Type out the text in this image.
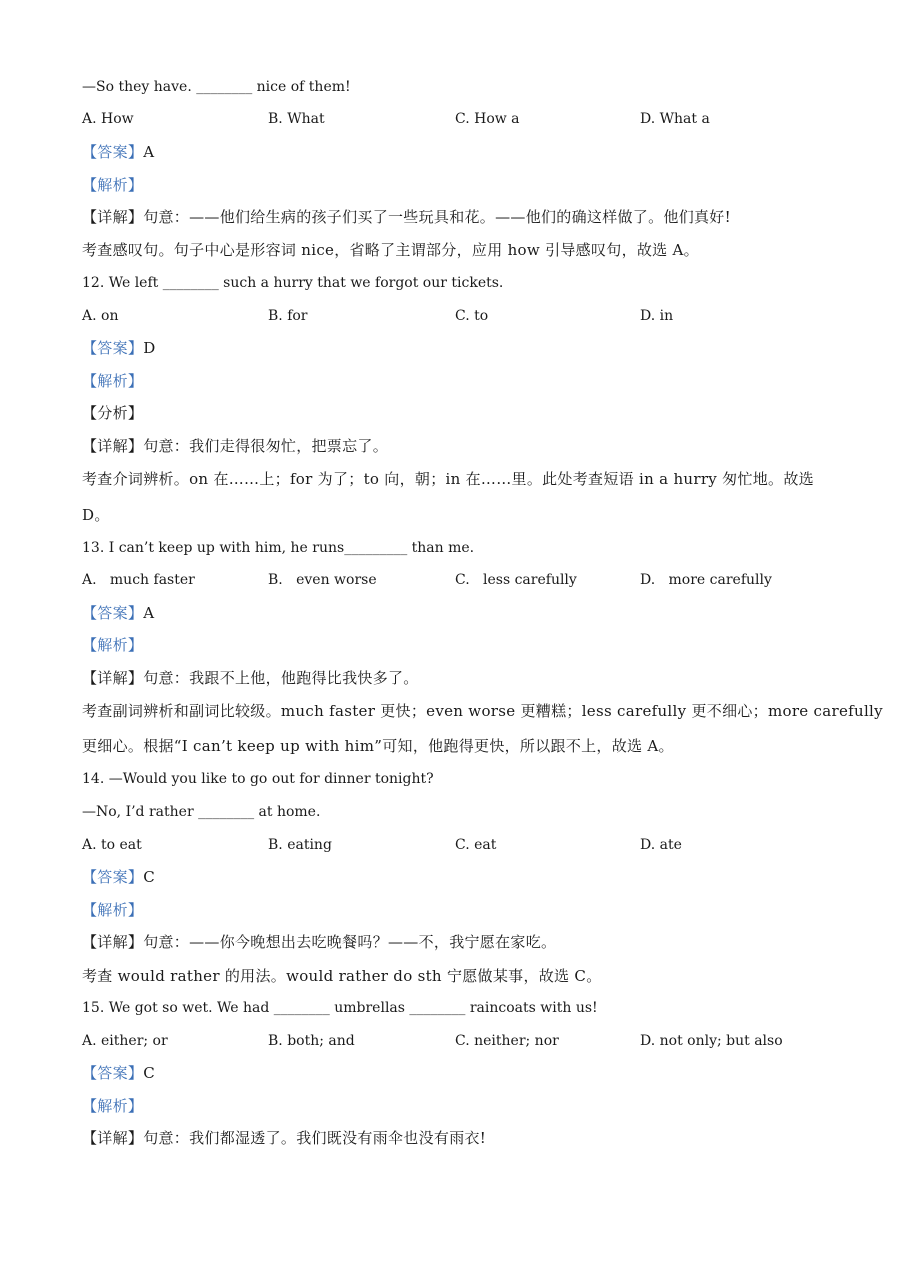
—So they have. ________ nice of them!

A. How	B. What	C. How a	D. What a

【答案】A

【解析】

【详解】句意：——他们给生病的孩子们买了一些玩具和花。——他们的确这样做了。他们真好!

考查感叹句。句子中心是形容词 nice，省略了主谓部分，应用 how 引导感叹句，故选 A。

12. We left ________ such a hurry that we forgot our tickets.

A. on	B. for	C. to	D. in

【答案】D

【解析】

【分析】

【详解】句意：我们走得很匆忙，把票忘了。

考查介词辨析。on 在……上；for 为了；to 向，朝；in 在……里。此处考查短语 in a hurry 匆忙地。故选

D。

13. I can’t keep up with him, he runs_________ than me.

A.   much faster	B.   even worse	C.   less carefully	D.   more carefully

【答案】A

【解析】

【详解】句意：我跟不上他，他跑得比我快多了。

考查副词辨析和副词比较级。much faster 更快；even worse 更糟糕；less carefully 更不细心；more carefully

更细心。根据“I can’t keep up with him”可知，他跑得更快，所以跟不上，故选 A。

14. —Would you like to go out for dinner tonight?

—No, I’d rather ________ at home.

A. to eat	B. eating	C. eat	D. ate

【答案】C

【解析】

【详解】句意：——你今晚想出去吃晚餐吗？——不，我宁愿在家吃。

考查 would rather 的用法。would rather do sth 宁愿做某事，故选 C。

15. We got so wet. We had ________ umbrellas ________ raincoats with us!

A. either; or	B. both; and	C. neither; nor	D. not only; but also

【答案】C

【解析】

【详解】句意：我们都湿透了。我们既没有雨伞也没有雨衣!
